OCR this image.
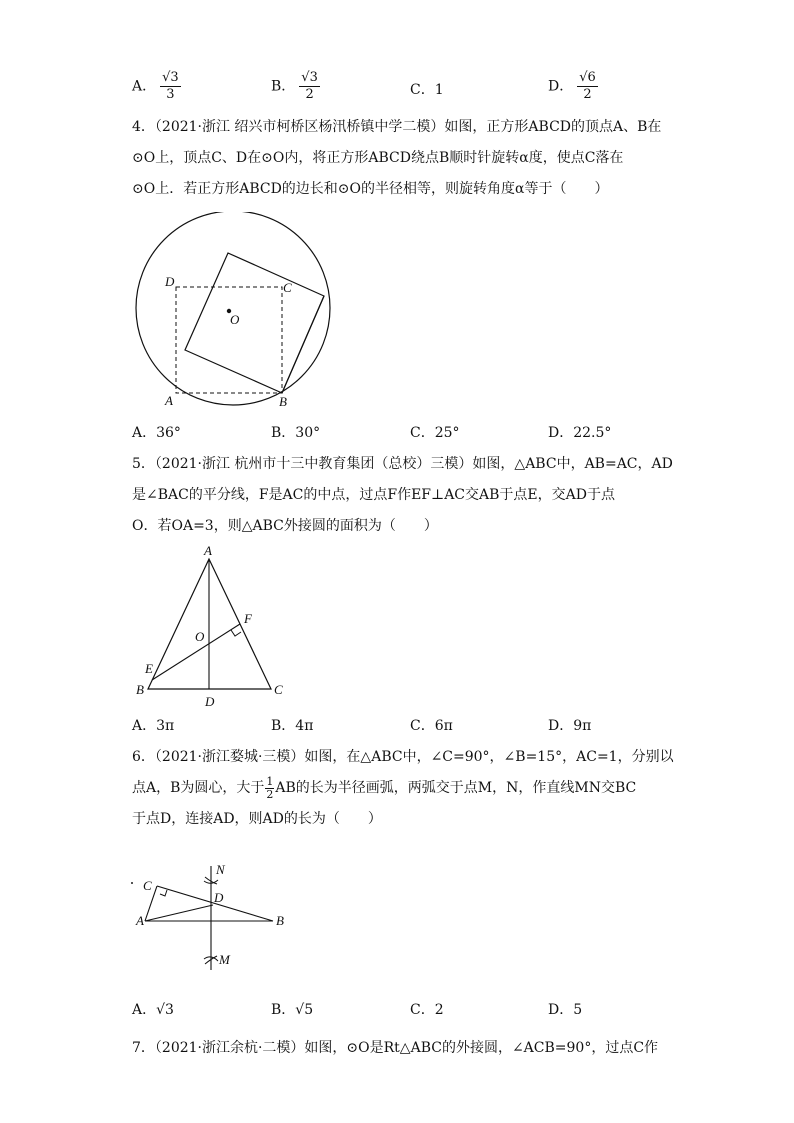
A． $\frac{√3}{3}$	B． $\frac{√3}{2}$	C．1	D． $\frac{√6}{2}$

4．（2021·浙江 绍兴市柯桥区杨汛桥镇中学二模）如图，正方形ABCD的顶点A、B在

⊙O上，顶点C、D在⊙O内，将正方形ABCD绕点B顺时针旋转α度，使点C落在

⊙O上．若正方形ABCD的边长和⊙O的半径相等，则旋转角度α等于（　　）

D	C
O
A	B
A．36°	B．30°	C．25°	D．22.5°

5．（2021·浙江 杭州市十三中教育集团（总校）三模）如图，△ABC中，AB=AC，AD

是∠BAC的平分线，F是AC的中点，过点F作EF⊥AC交AB于点E，交AD于点

O．若OA=3，则△ABC外接圆的面积为（　　）

A
F
O
E
B
D
C
A．3π	B．4π	C．6π	D．9π

6．（2021·浙江婺城·三模）如图，在△ABC中，∠C=90°，∠B=15°，AC=1，分别以

点A，B为圆心，大于 $\frac{1}{2}$ AB的长为半径画弧，两弧交于点M，N，作直线MN交BC

于点D，连接AD，则AD的长为（　　）

N
C
D
A	B
M
A．√3	B．√5	C．2	D．5

7．（2021·浙江余杭·二模）如图，⊙O是Rt△ABC的外接圆，∠ACB=90°，过点C作
